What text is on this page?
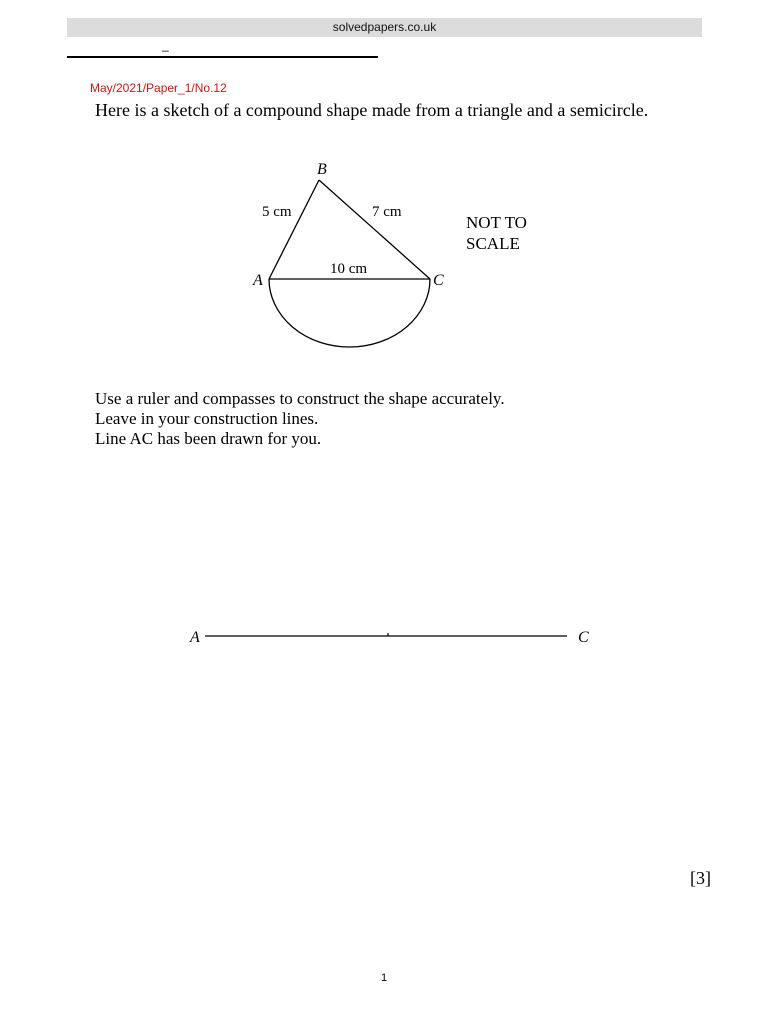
solvedpapers.co.uk
_
May/2021/Paper_1/No.12
Here is a sketch of a compound shape made from a triangle and a semicircle.
B
A	C
5 cm	7 cm
10 cm
NOT TO
SCALE
Use a ruler and compasses to construct the shape accurately.
Leave in your construction lines.
Line AC has been drawn for you.
A	C
[3]
1
